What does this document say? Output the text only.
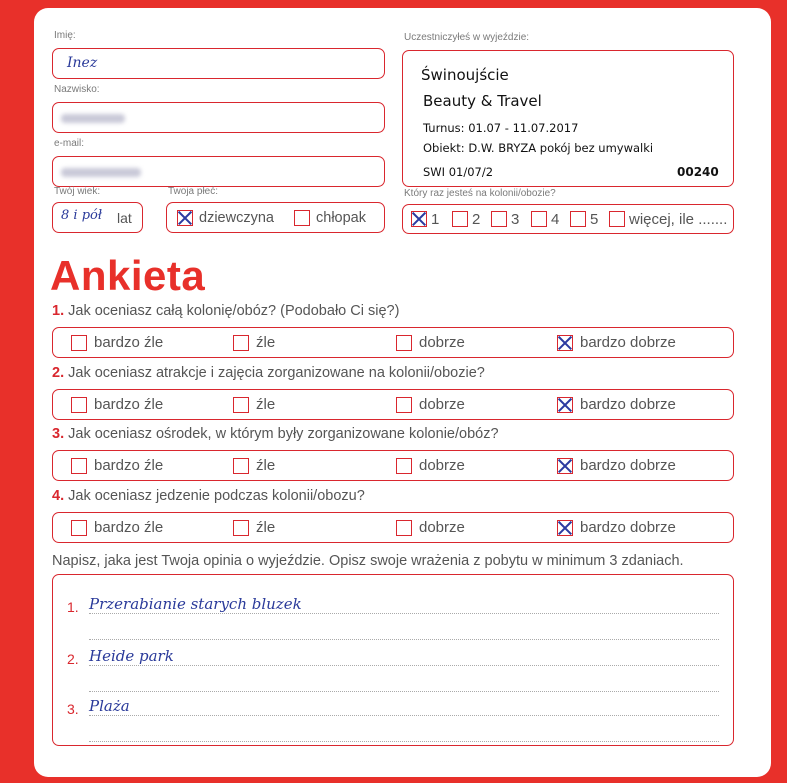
Imię:
Inez
Nazwisko:
e-mail:
Twój wiek:
8 i pół lat
Twoja płeć:
dziewczyna	chłopak
Uczestniczyłeś w wyjeździe:
Świnoujście
Beauty & Travel
Turnus: 01.07 - 11.07.2017
Obiekt: D.W. BRYZA pokój bez umywalki
SWI 01/07/2	00240
Który raz jesteś na kolonii/obozie?
1 2 3 4 5 więcej, ile .......
Ankieta
1. Jak oceniasz całą kolonię/obóz? (Podobało Ci się?)
bardzo źle	źle	dobrze	bardzo dobrze
2. Jak oceniasz atrakcje i zajęcia zorganizowane na kolonii/obozie?
bardzo źle	źle	dobrze	bardzo dobrze
3. Jak oceniasz ośrodek, w którym były zorganizowane kolonie/obóz?
bardzo źle	źle	dobrze	bardzo dobrze
4. Jak oceniasz jedzenie podczas kolonii/obozu?
bardzo źle	źle	dobrze	bardzo dobrze
Napisz, jaka jest Twoja opinia o wyjeździe. Opisz swoje wrażenia z pobytu w minimum 3 zdaniach.
1. Przerabianie starych bluzek
2. Heide park
3. Plaża
